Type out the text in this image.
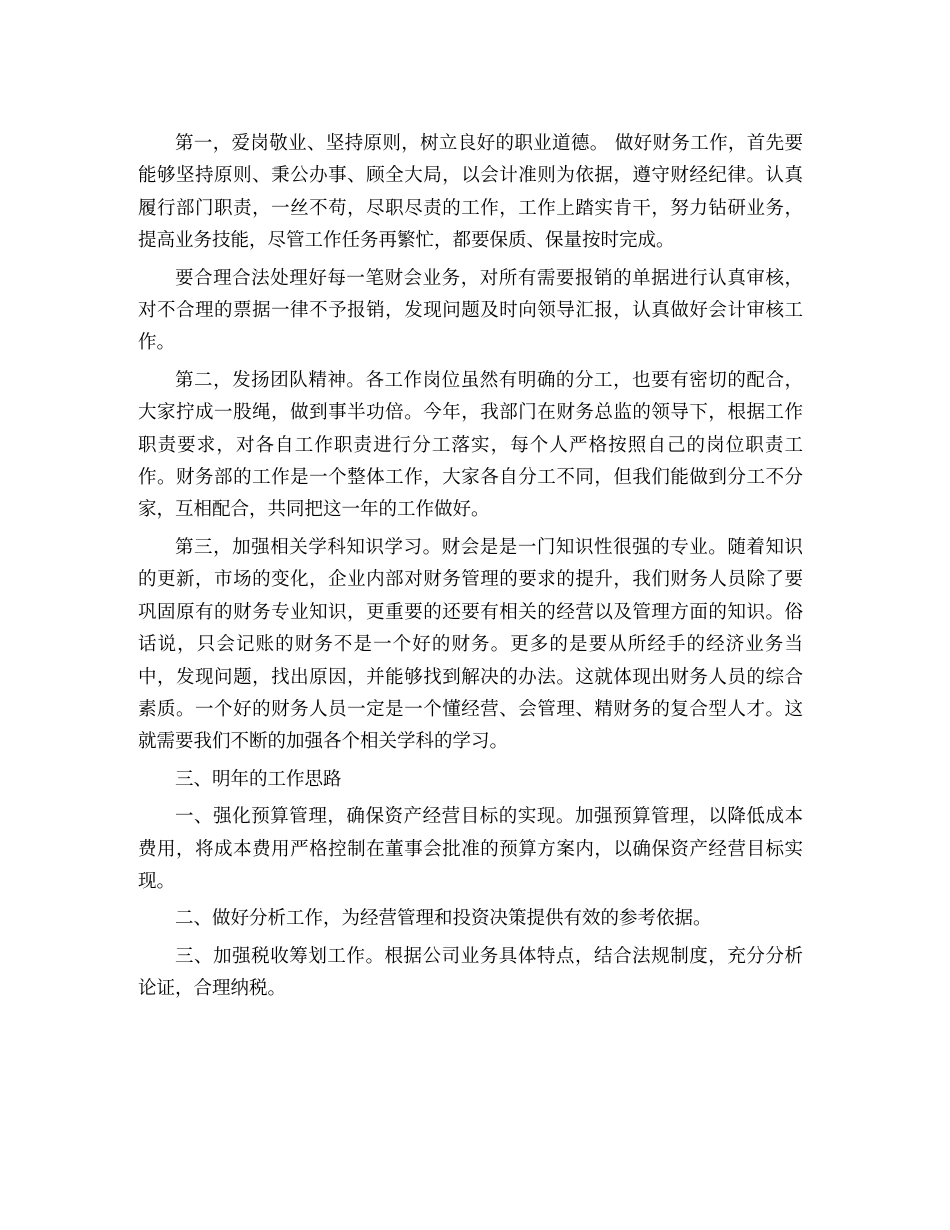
第一，爱岗敬业、坚持原则，树立良好的职业道德。 做好财务工作，首先要能够坚持原则、秉公办事、顾全大局，以会计准则为依据，遵守财经纪律。认真履行部门职责，一丝不苟，尽职尽责的工作，工作上踏实肯干，努力钻研业务，提高业务技能，尽管工作任务再繁忙，都要保质、保量按时完成。

要合理合法处理好每一笔财会业务，对所有需要报销的单据进行认真审核，对不合理的票据一律不予报销，发现问题及时向领导汇报，认真做好会计审核工作。

第二，发扬团队精神。各工作岗位虽然有明确的分工，也要有密切的配合，大家拧成一股绳，做到事半功倍。今年，我部门在财务总监的领导下，根据工作职责要求，对各自工作职责进行分工落实，每个人严格按照自己的岗位职责工作。财务部的工作是一个整体工作，大家各自分工不同，但我们能做到分工不分家，互相配合，共同把这一年的工作做好。

第三，加强相关学科知识学习。财会是是一门知识性很强的专业。随着知识的更新，市场的变化，企业内部对财务管理的要求的提升，我们财务人员除了要巩固原有的财务专业知识，更重要的还要有相关的经营以及管理方面的知识。俗话说，只会记账的财务不是一个好的财务。更多的是要从所经手的经济业务当中，发现问题，找出原因，并能够找到解决的办法。这就体现出财务人员的综合素质。一个好的财务人员一定是一个懂经营、会管理、精财务的复合型人才。这就需要我们不断的加强各个相关学科的学习。

三、明年的工作思路

一、强化预算管理，确保资产经营目标的实现。加强预算管理，以降低成本费用，将成本费用严格控制在董事会批准的预算方案内，以确保资产经营目标实现。

二、做好分析工作，为经营管理和投资决策提供有效的参考依据。

三、加强税收筹划工作。根据公司业务具体特点，结合法规制度，充分分析论证，合理纳税。
